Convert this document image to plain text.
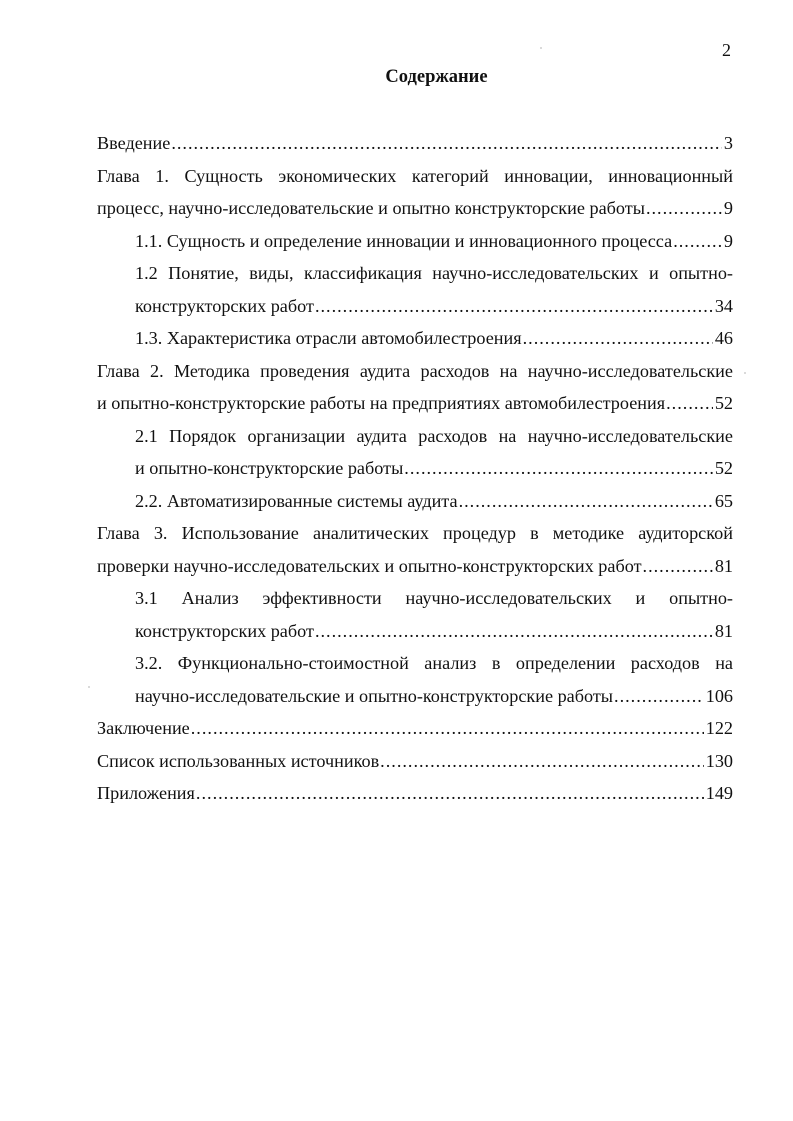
2
Содержание
Введение .....	3
Глава 1. Сущность экономических категорий инновации, инновационный
процесс, научно-исследовательские и опытно конструкторские работы .....	9
1.1. Сущность и определение инновации и инновационного процесса .....	9
1.2 Понятие, виды, классификация научно-исследовательских и опытно-
конструкторских работ .....	34
1.3. Характеристика отрасли автомобилестроения .....	46
Глава 2. Методика проведения аудита расходов на научно-исследовательские
и опытно-конструкторские работы на предприятиях автомобилестроения .....	52
2.1 Порядок организации аудита расходов на научно-исследовательские
и опытно-конструкторские работы .....	52
2.2. Автоматизированные системы аудита .....	65
Глава 3. Использование аналитических процедур в методике аудиторской
проверки научно-исследовательских и опытно-конструкторских работ .....	81
3.1 Анализ эффективности научно-исследовательских и опытно-
конструкторских работ .....	81
3.2. Функционально-стоимостной анализ в определении расходов на
научно-исследовательские и опытно-конструкторские работы .....	106
Заключение .....	122
Список использованных источников .....	130
Приложения .....	149
